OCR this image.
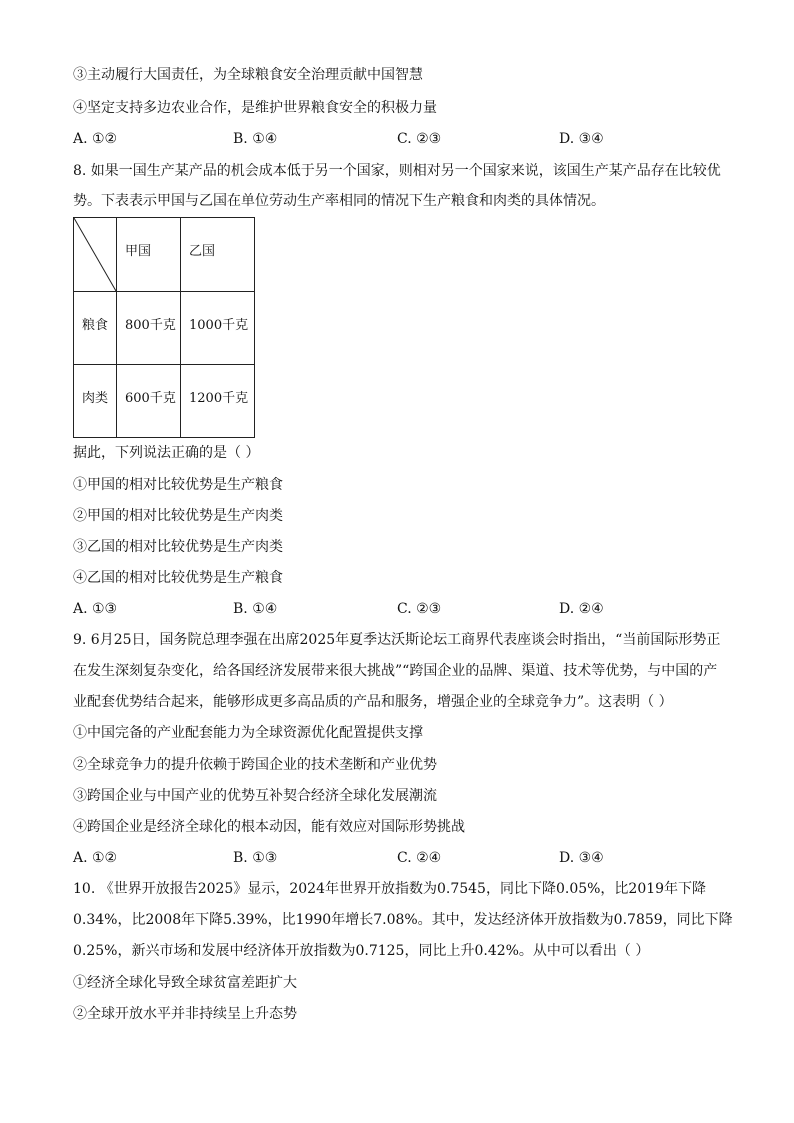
③主动履行大国责任，为全球粮食安全治理贡献中国智慧
④坚定支持多边农业合作，是维护世界粮食安全的积极力量
A. ①②	B. ①④	C. ②③	D. ③④
8. 如果一国生产某产品的机会成本低于另一个国家，则相对另一个国家来说，该国生产某产品存在比较优
势。下表表示甲国与乙国在单位劳动生产率相同的情况下生产粮食和肉类的具体情况。

甲国	乙国

粮食	800千克	1000千克

肉类	600千克	1200千克
据此，下列说法正确的是（ ）
①甲国的相对比较优势是生产粮食
②甲国的相对比较优势是生产肉类
③乙国的相对比较优势是生产肉类
④乙国的相对比较优势是生产粮食
A. ①③	B. ①④	C. ②③	D. ②④
9. 6月25日，国务院总理李强在出席2025年夏季达沃斯论坛工商界代表座谈会时指出，“当前国际形势正
在发生深刻复杂变化，给各国经济发展带来很大挑战”“跨国企业的品牌、渠道、技术等优势，与中国的产
业配套优势结合起来，能够形成更多高品质的产品和服务，增强企业的全球竞争力”。这表明（ ）
①中国完备的产业配套能力为全球资源优化配置提供支撑
②全球竞争力的提升依赖于跨国企业的技术垄断和产业优势
③跨国企业与中国产业的优势互补契合经济全球化发展潮流
④跨国企业是经济全球化的根本动因，能有效应对国际形势挑战
A. ①②	B. ①③	C. ②④	D. ③④
10. 《世界开放报告2025》显示，2024年世界开放指数为0.7545，同比下降0.05%，比2019年下降
0.34%，比2008年下降5.39%，比1990年增长7.08%。其中，发达经济体开放指数为0.7859，同比下降
0.25%，新兴市场和发展中经济体开放指数为0.7125，同比上升0.42%。从中可以看出（ ）
①经济全球化导致全球贫富差距扩大
②全球开放水平并非持续呈上升态势
